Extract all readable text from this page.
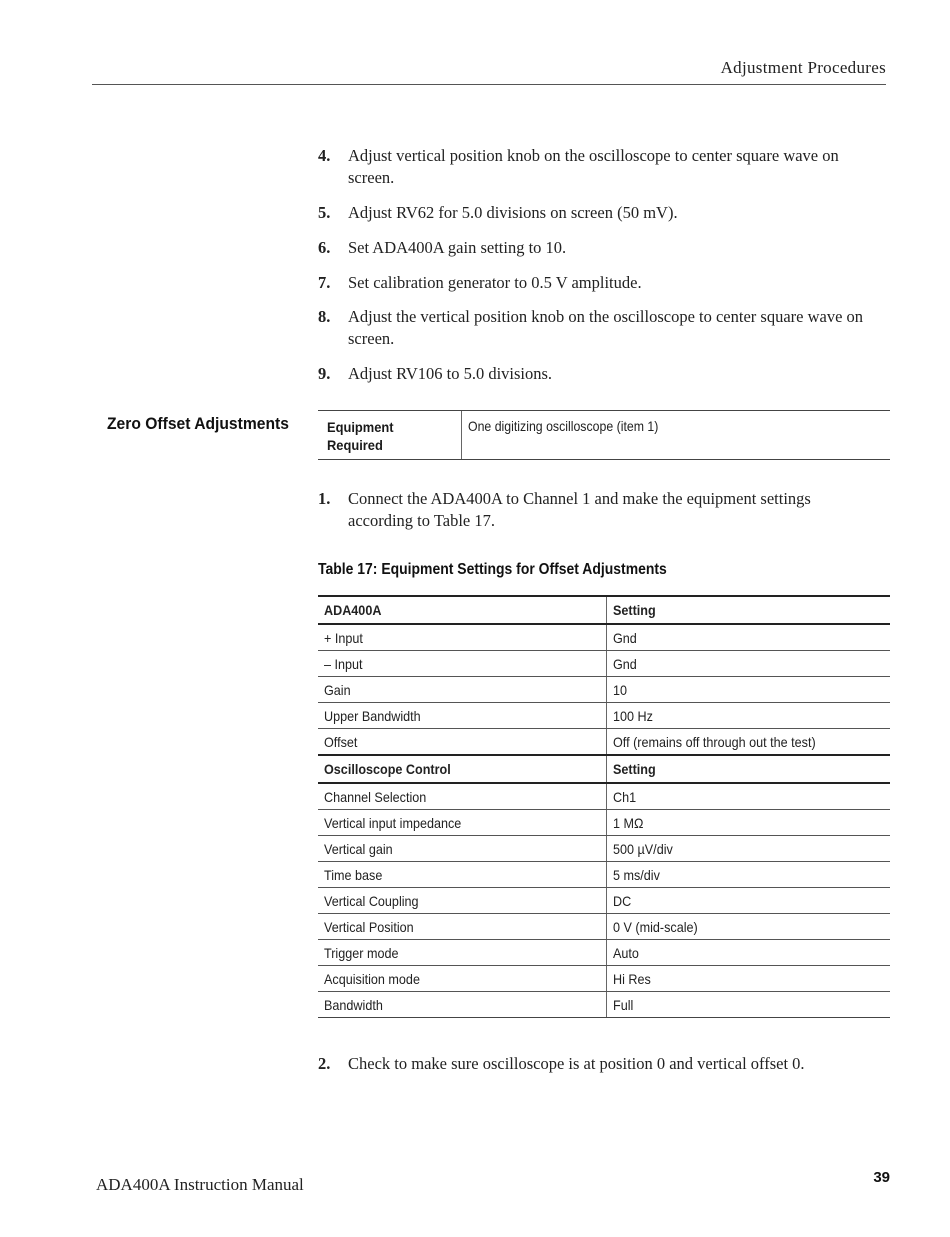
Adjustment Procedures
4. Adjust vertical position knob on the oscilloscope to center square wave on screen.
5. Adjust RV62 for 5.0 divisions on screen (50 mV).
6. Set ADA400A gain setting to 10.
7. Set calibration generator to 0.5 V amplitude.
8. Adjust the vertical position knob on the oscilloscope to center square wave on screen.
9. Adjust RV106 to 5.0 divisions.
Zero Offset Adjustments	Equipment Required
One digitizing oscilloscope (item 1)
1. Connect the ADA400A to Channel 1 and make the equipment settings according to Table 17.
Table 17: Equipment Settings for Offset Adjustments
ADA400A	Setting
+ Input	Gnd
– Input	Gnd
Gain	10
Upper Bandwidth	100 Hz
Offset	Off (remains off through out the test)
Oscilloscope Control	Setting
Channel Selection	Ch1
Vertical input impedance	1 MΩ
Vertical gain	500 µV/div
Time base	5 ms/div
Vertical Coupling	DC
Vertical Position	0 V (mid-scale)
Trigger mode	Auto
Acquisition mode	Hi Res
Bandwidth	Full
2. Check to make sure oscilloscope is at position 0 and vertical offset 0.
ADA400A Instruction Manual	39
